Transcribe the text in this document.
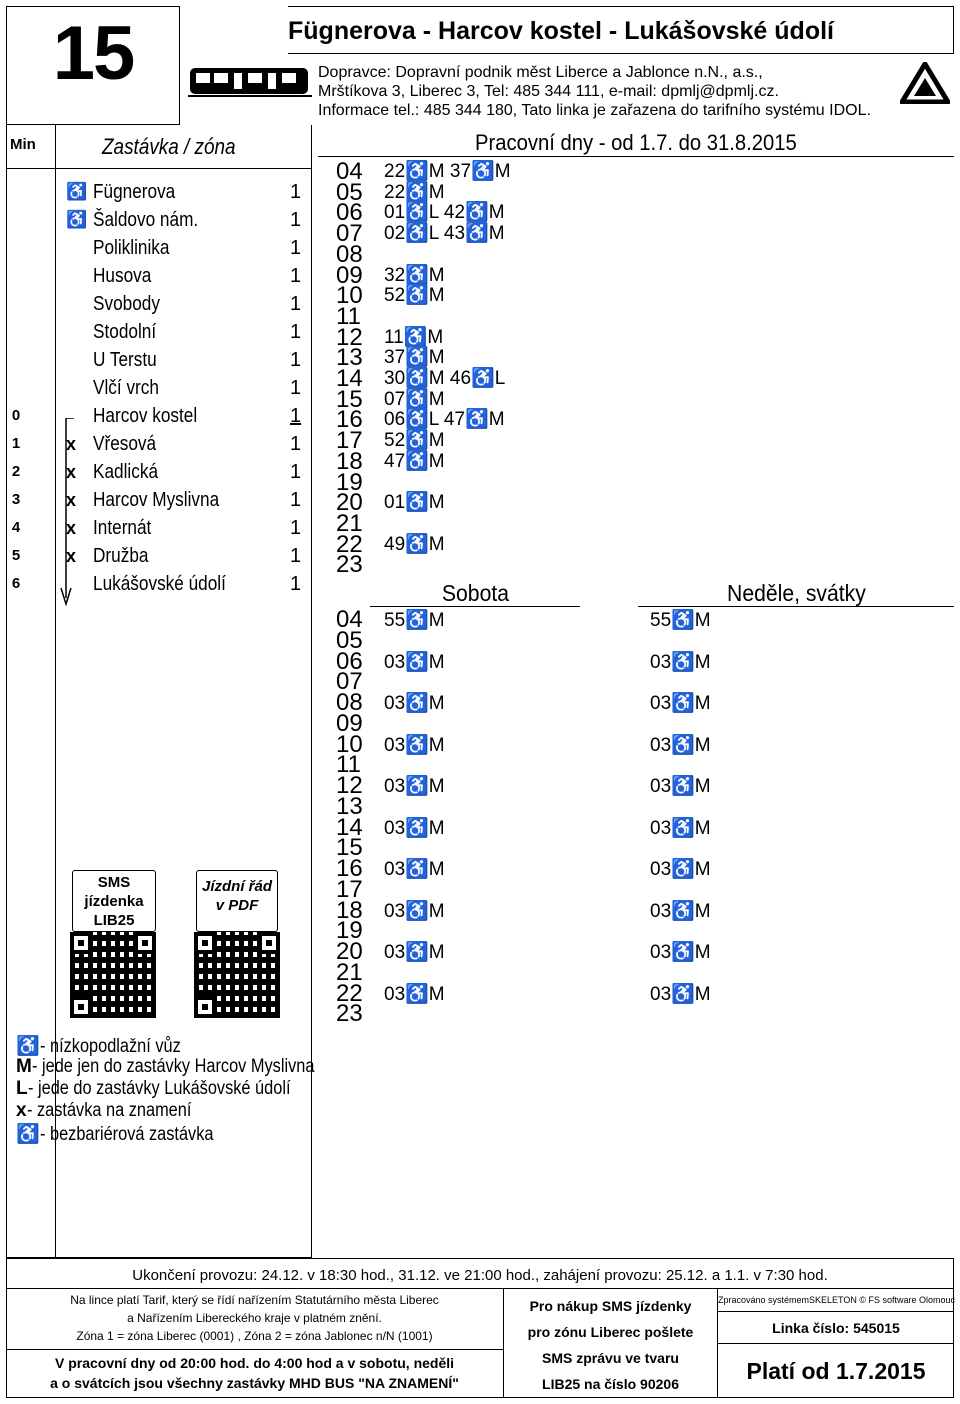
15	Fügnerova - Harcov kostel - Lukášovské údolí
Dopravce: Dopravní podnik měst Liberce a Jablonce n.N., a.s.,
Mrštíkova 3, Liberec 3, Tel: 485 344 111, e-mail: dpmlj@dpmlj.cz.
Informace tel.: 485 344 180, Tato linka je zařazena do tarifního systému IDOL.
Min	Zastávka / zóna
♿ Fügnerova	1
♿ Šaldovo nám.	1
Poliklinika	1
Husova	1
Svobody	1
Stodolní	1
U Terstu	1
Vlčí vrch	1
0	Harcov kostel	1
1	x Vřesová	1
2	x Kadlická	1
3	x Harcov Myslivna	1
4	x Internát	1
5	x Družba	1
6	Lukášovské údolí	1
SMS
jízdenka
LIB25
Jízdní řád
v PDF
♿- nízkopodlažní vůz
M- jede jen do zastávky Harcov Myslivna
L- jede do zastávky Lukášovské údolí
x- zastávka na znamení
♿- bezbariérová zastávka
Pracovní dny - od 1.7. do 31.8.2015
04 22♿M 37♿M
05 22♿M
06 01♿L 42♿M
07 02♿L 43♿M
08
09 32♿M
10 52♿M
11
12 11♿M
13 37♿M
14 30♿M 46♿L
15 07♿M
16 06♿L 47♿M
17 52♿M
18 47♿M
19
20 01♿M
21
22 49♿M
23
Sobota	Neděle, svátky
04 55♿M	55♿M
05
06 03♿M	03♿M
07
08 03♿M	03♿M
09
10 03♿M	03♿M
11
12 03♿M	03♿M
13
14 03♿M	03♿M
15
16 03♿M	03♿M
17
18 03♿M	03♿M
19
20 03♿M	03♿M
21
22 03♿M	03♿M
23
Ukončení provozu: 24.12. v 18:30 hod., 31.12. ve 21:00 hod., zahájení provozu: 25.12. a 1.1. v 7:30 hod.
Na lince platí Tarif, který se řídí nařízením Statutárního města Liberec
a Nařízením Libereckého kraje v platném znění.
Zóna 1 = zóna Liberec (0001) , Zóna 2 = zóna Jablonec n/N (1001)
V pracovní dny od 20:00 hod. do 4:00 hod a v sobotu, neděli
a o svátcích jsou všechny zastávky MHD BUS "NA ZNAMENÍ"
Pro nákup SMS jízdenky
pro zónu Liberec pošlete
SMS zprávu ve tvaru
LIB25 na číslo 90206
Zpracováno systémemSKELETON © FS software Olomouc
Linka číslo: 545015
Platí od 1.7.2015
